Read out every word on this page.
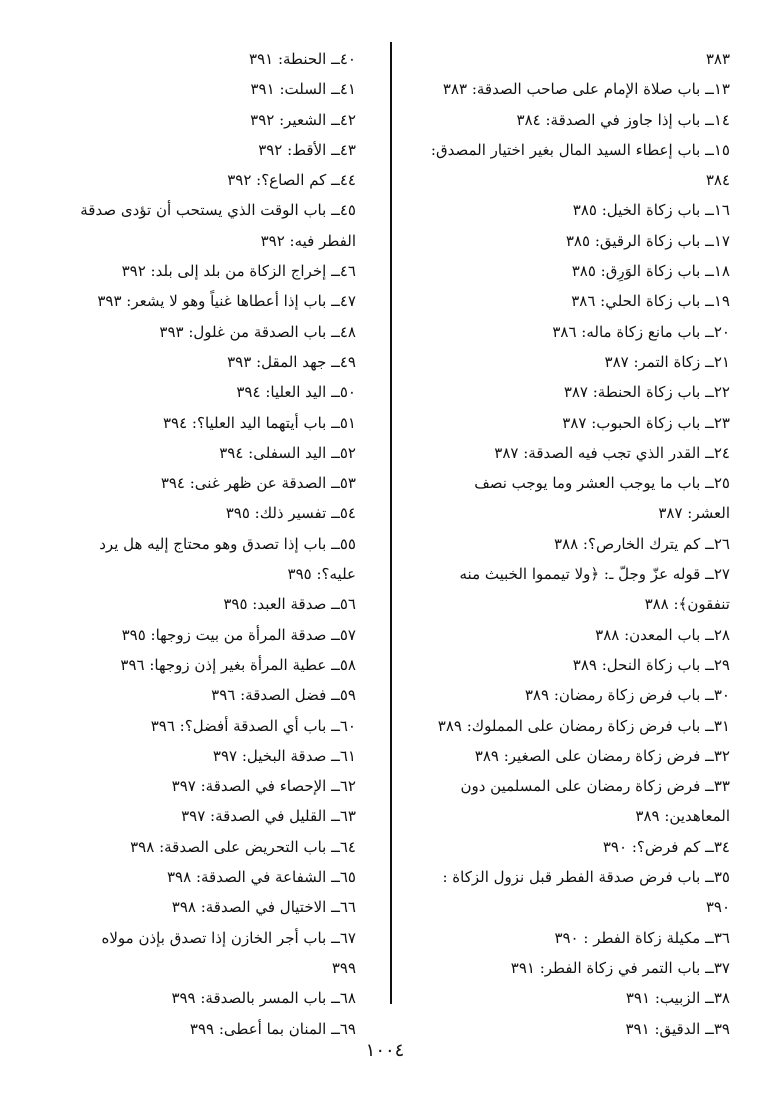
٣٨٣

١٣ــ باب صلاة الإمام على صاحب الصدقة: ٣٨٣

١٤ــ باب إذا جاوز في الصدقة: ٣٨٤

١٥ــ باب إعطاء السيد المال بغير اختيار المصدق:

٣٨٤

١٦ــ باب زكاة الخيل: ٣٨٥

١٧ــ باب زكاة الرقيق: ٣٨٥

١٨ــ باب زكاة الوَرِق: ٣٨٥

١٩ــ باب زكاة الحلي: ٣٨٦

٢٠ــ باب مانع زكاة ماله: ٣٨٦

٢١ــ زكاة التمر: ٣٨٧

٢٢ــ باب زكاة الحنطة: ٣٨٧

٢٣ــ باب زكاة الحبوب: ٣٨٧

٢٤ــ القدر الذي تجب فيه الصدقة: ٣٨٧

٢٥ــ باب ما يوجب العشر وما يوجب نصف

العشر: ٣٨٧

٢٦ــ كم يترك الخارص؟: ٣٨٨

٢٧ــ قوله عزّ وجلّ ـ: ﴿ولا تيمموا الخبيث منه

تنفقون﴾: ٣٨٨

٢٨ــ باب المعدن: ٣٨٨

٢٩ــ باب زكاة النحل: ٣٨٩

٣٠ــ باب فرض زكاة رمضان: ٣٨٩

٣١ــ باب فرض زكاة رمضان على المملوك: ٣٨٩

٣٢ــ فرض زكاة رمضان على الصغير: ٣٨٩

٣٣ــ فرض زكاة رمضان على المسلمين دون

المعاهدين: ٣٨٩

٣٤ــ كم فرض؟: ٣٩٠

٣٥ــ باب فرض صدقة الفطر قبل نزول الزكاة :

٣٩٠

٣٦ــ مكيلة زكاة الفطر : ٣٩٠

٣٧ــ باب التمر في زكاة الفطر: ٣٩١

٣٨ــ الزبيب: ٣٩١

٣٩ــ الدقيق: ٣٩١

٤٠ــ الحنطة: ٣٩١

٤١ــ السلت: ٣٩١

٤٢ــ الشعير: ٣٩٢

٤٣ــ الأقط: ٣٩٢

٤٤ــ كم الصاع؟: ٣٩٢

٤٥ــ باب الوقت الذي يستحب أن تؤدى صدقة

الفطر فيه: ٣٩٢

٤٦ــ إخراج الزكاة من بلد إلى بلد: ٣٩٢

٤٧ــ باب إذا أعطاها غنياً وهو لا يشعر: ٣٩٣

٤٨ــ باب الصدقة من غلول: ٣٩٣

٤٩ــ جهد المقل: ٣٩٣

٥٠ــ اليد العليا: ٣٩٤

٥١ــ باب أيتهما اليد العليا؟: ٣٩٤

٥٢ــ اليد السفلى: ٣٩٤

٥٣ــ الصدقة عن ظهر غنى: ٣٩٤

٥٤ــ تفسير ذلك: ٣٩٥

٥٥ــ باب إذا تصدق وهو محتاج إليه هل يرد

عليه؟: ٣٩٥

٥٦ــ صدقة العبد: ٣٩٥

٥٧ــ صدقة المرأة من بيت زوجها: ٣٩٥

٥٨ــ عطية المرأة بغير إذن زوجها: ٣٩٦

٥٩ــ فضل الصدقة: ٣٩٦

٦٠ــ باب أي الصدقة أفضل؟: ٣٩٦

٦١ــ صدقة البخيل: ٣٩٧

٦٢ــ الإحصاء في الصدقة: ٣٩٧

٦٣ــ القليل في الصدقة: ٣٩٧

٦٤ــ باب التحريض على الصدقة: ٣٩٨

٦٥ــ الشفاعة في الصدقة: ٣٩٨

٦٦ــ الاختيال في الصدقة: ٣٩٨

٦٧ــ باب أجر الخازن إذا تصدق بإذن مولاه

٣٩٩

٦٨ــ باب المسر بالصدقة: ٣٩٩

٦٩ــ المنان بما أعطى: ٣٩٩

١٠٠٤
